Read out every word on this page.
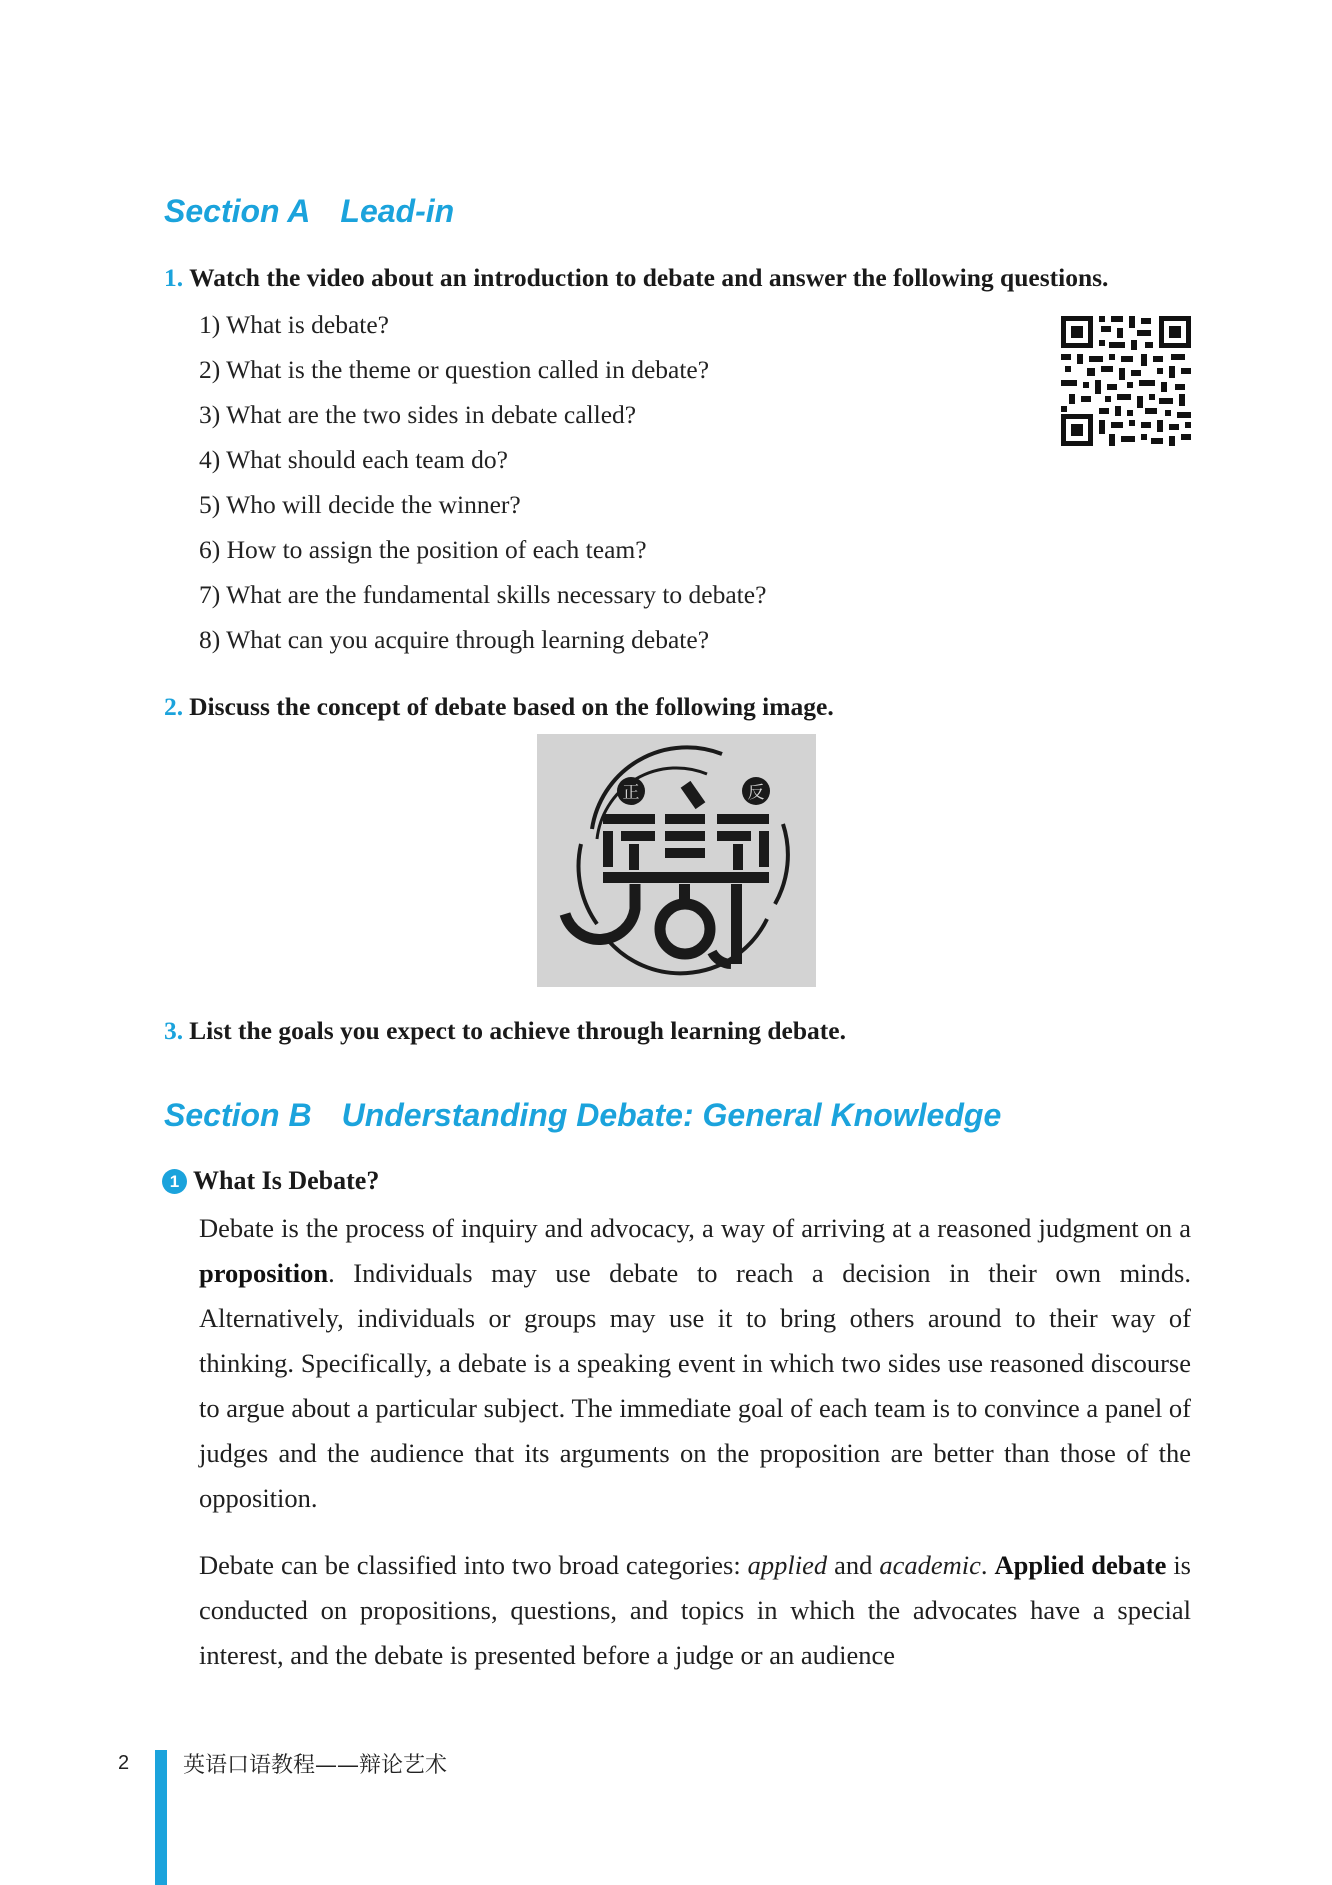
Section A Lead-in
1. Watch the video about an introduction to debate and answer the following questions.
1) What is debate?
2) What is the theme or question called in debate?
3) What are the two sides in debate called?
4) What should each team do?
5) Who will decide the winner?
6) How to assign the position of each team?
7) What are the fundamental skills necessary to debate?
8) What can you acquire through learning debate?
2. Discuss the concept of debate based on the following image.
正	反
3. List the goals you expect to achieve through learning debate.
Section B Understanding Debate: General Knowledge
1 What Is Debate?

Debate is the process of inquiry and advocacy, a way of arriving at a reasoned judgment on a proposition. Individuals may use debate to reach a decision in their own minds. Alternatively, individuals or groups may use it to bring others around to their way of thinking. Specifically, a debate is a speaking event in which two sides use reasoned discourse to argue about a particular subject. The immediate goal of each team is to convince a panel of judges and the audience that its arguments on the proposition are better than those of the opposition.

Debate can be classified into two broad categories: applied and academic. Applied debate is conducted on propositions, questions, and topics in which the advocates have a special interest, and the debate is presented before a judge or an audience

2 英语口语教程——辩论艺术
